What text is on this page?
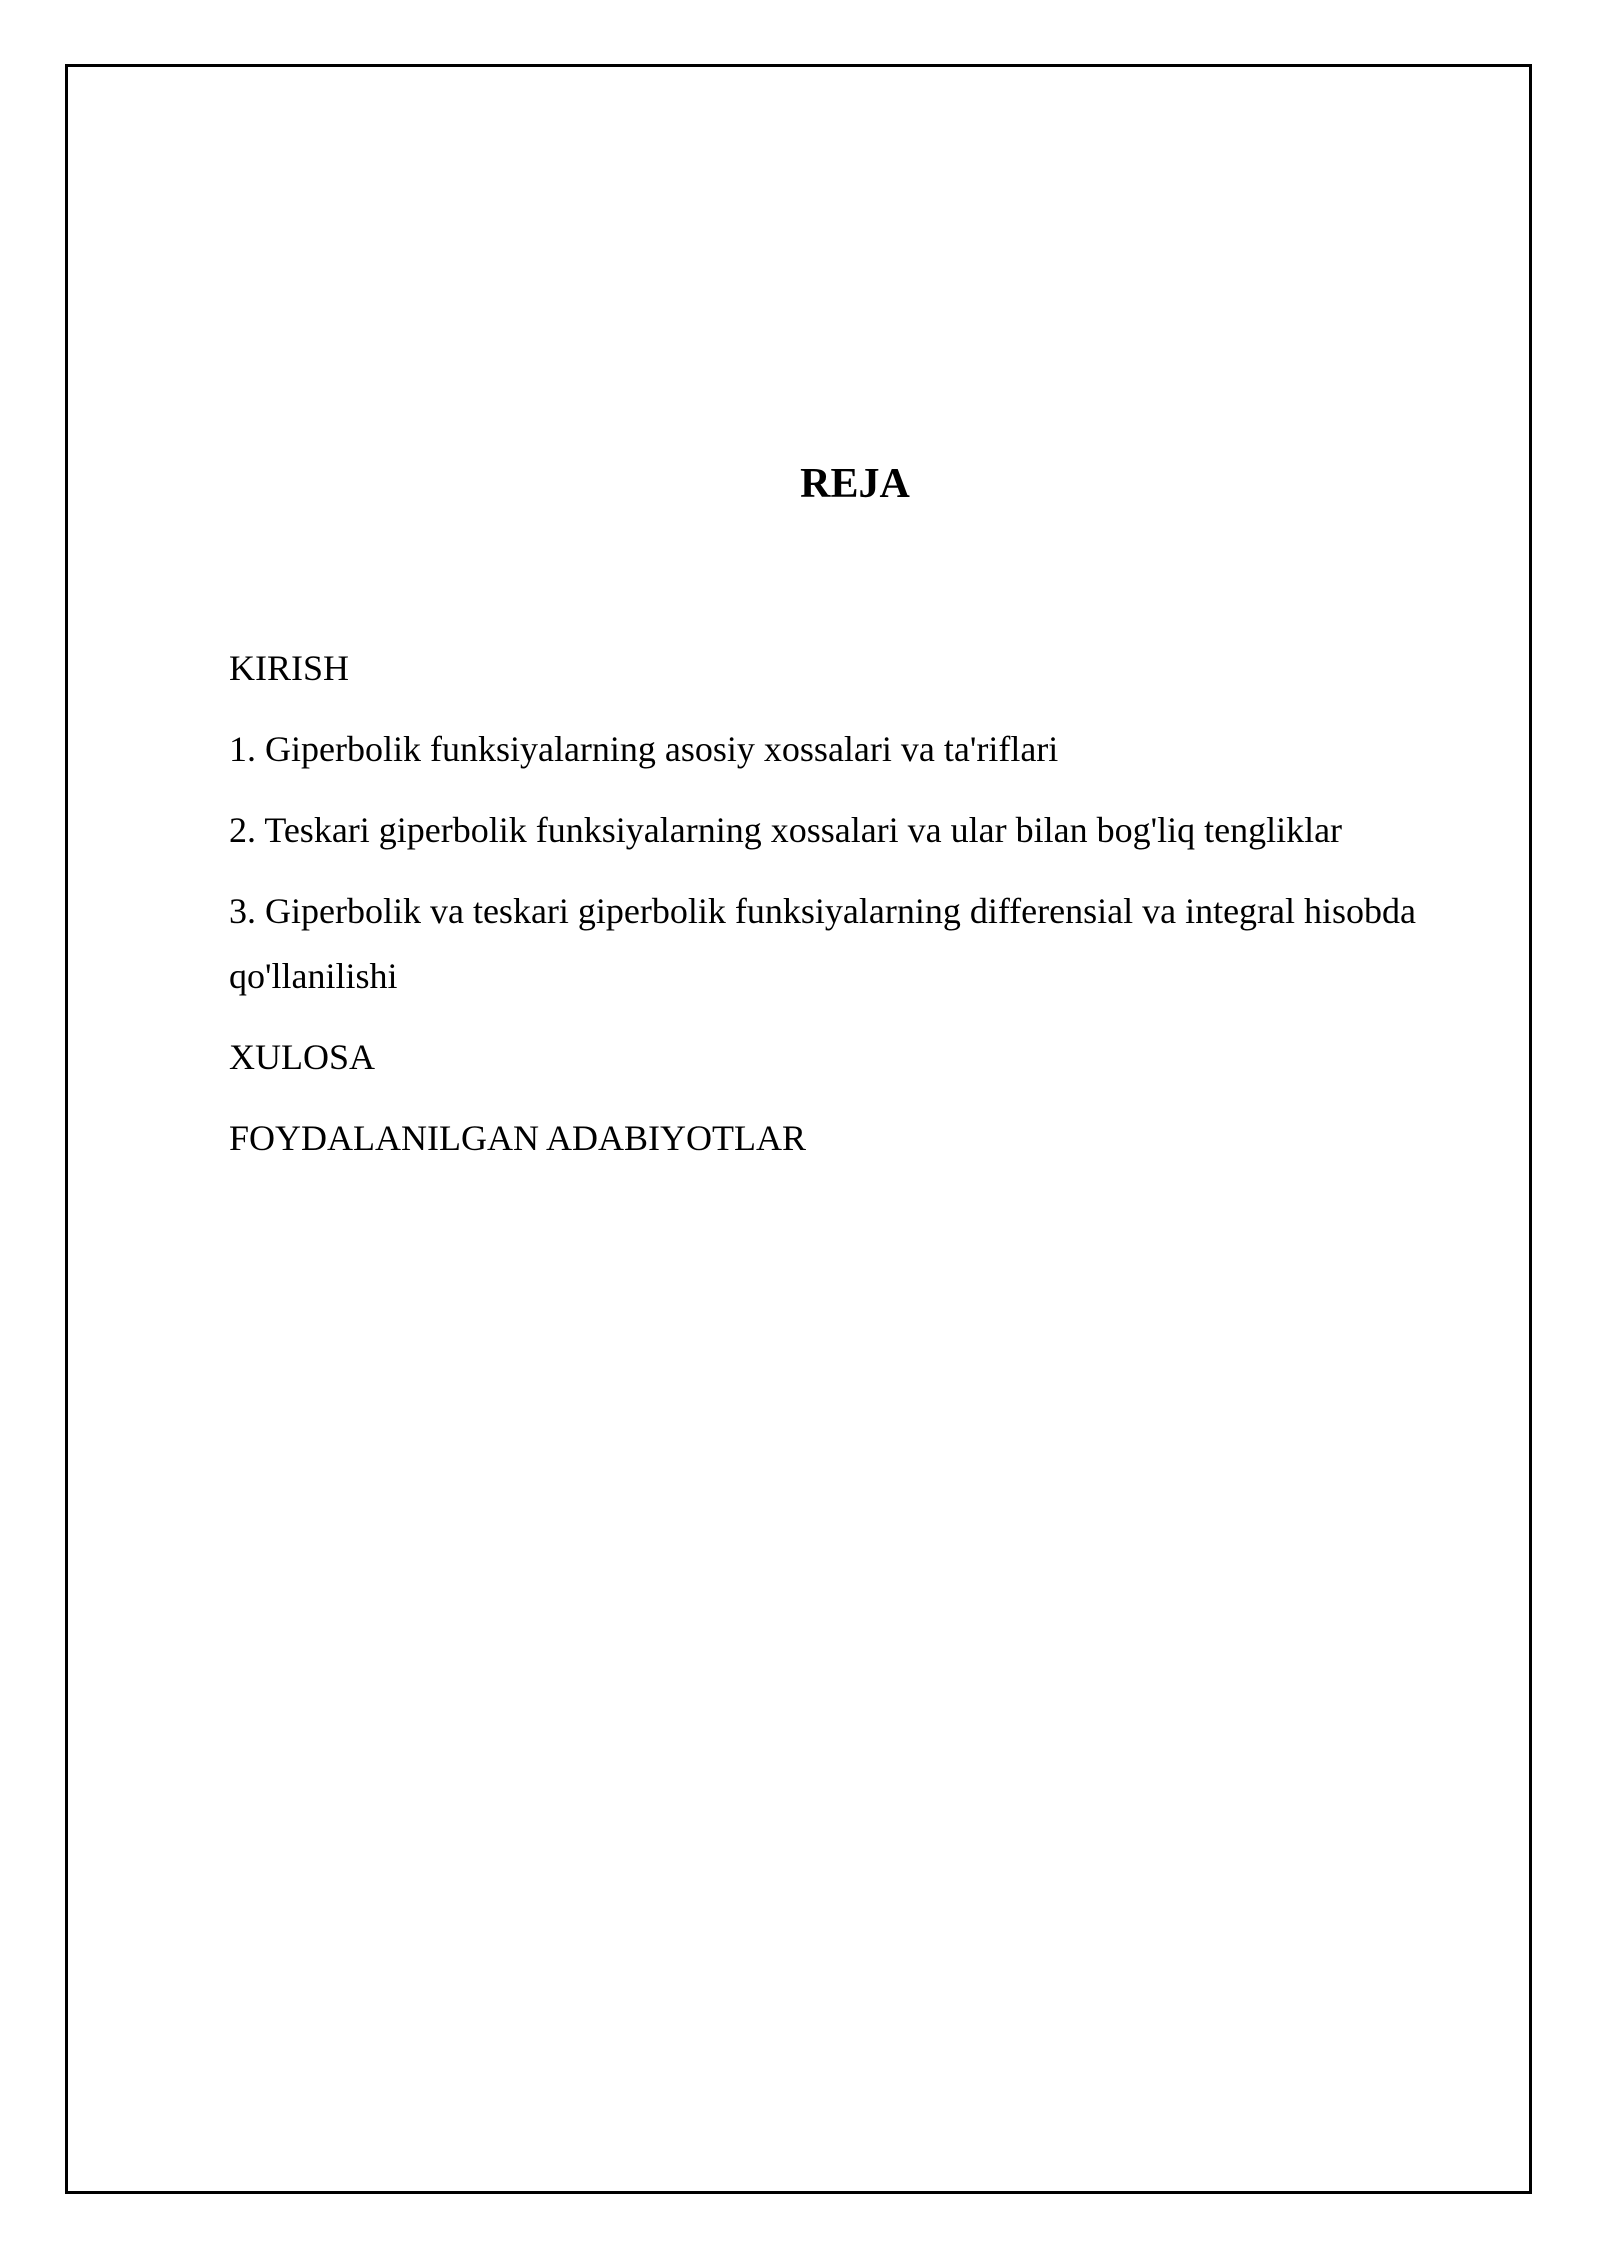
REJA
KIRISH
1. Giperbolik funksiyalarning asosiy xossalari va ta'riflari
2. Teskari giperbolik funksiyalarning xossalari va ular bilan bog'liq tengliklar
3. Giperbolik va teskari giperbolik funksiyalarning differensial va integral hisobda qo'llanilishi
XULOSA
FOYDALANILGAN ADABIYOTLAR
